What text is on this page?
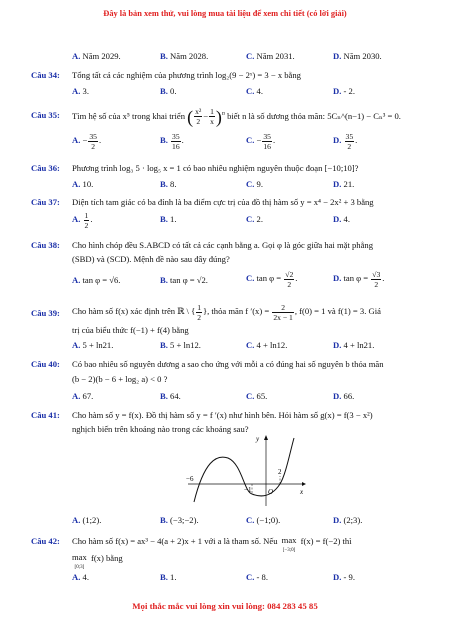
Đây là bản xem thử, vui lòng mua tài liệu để xem chi tiết (có lời giải)
A. Năm 2029.	B. Năm 2028.	C. Năm 2031.	D. Năm 2030.
Câu 34: Tổng tất cả các nghiệm của phương trình log₂(9 − 2ˣ) = 3 − x bằng
A. 3.	B. 0.	C. 4.	D. - 2.
Câu 35: Tìm hệ số của x⁵ trong khai triển ( $\frac{\text{x²}}{2} - \frac{1}{x} )^n$ biết n là số dương thỏa mãn: 5Cₙ^(n−1) − Cₙ³ = 0.
A. − $\frac{35}{2}$ .	B. $\frac{35}{16}$ .	C. − $\frac{35}{16}$ .	D. $\frac{35}{2}$ .
Câu 36: Phương trình log₃ 5 · log₅ x = 1 có bao nhiêu nghiệm nguyên thuộc đoạn [−10;10]?
A. 10.	B. 8.	C. 9.	D. 21.
Câu 37: Diện tích tam giác có ba đỉnh là ba điểm cực trị của đồ thị hàm số y = x⁴ − 2x² + 3 bằng
A. $\frac{1}{2}$ .	B. 1.	C. 2.	D. 4.
Câu 38: Cho hình chóp đều S.ABCD có tất cả các cạnh bằng a. Gọi φ là góc giữa hai mặt phẳng
(SBD) và (SCD). Mệnh đề nào sau đây đúng?
A. tan φ = √6.	B. tan φ = √2.	C. $\tan \varphi = \frac{√2}{2}$ .	D. $\tan \varphi = \frac{√3}{2}$ .
Câu 39: Cho hàm số f(x) xác định trên ℝ \ { $\frac{1}{2}$ }, thỏa mãn f $'(x) = \frac{2}{2x - 1}$ , f(0) = 1 và f(1) = 3. Giá
trị của biểu thức f(−1) + f(4) bằng
A. 5 + ln21.	B. 5 + ln12.	C. 4 + ln12.	D. 4 + ln21.
Câu 40: Có bao nhiêu số nguyên dương a sao cho ứng với mỗi a có đúng hai số nguyên b thỏa mãn
(b − 2)(b − 6 + log₂ a) < 0 ?
A. 67.	B. 64.	C. 65.	D. 66.
Câu 41: Cho hàm số y = f(x). Đồ thị hàm số y = f ′(x) như hình bên. Hỏi hàm số g(x) = f(3 − x²)
nghịch biến trên khoảng nào trong các khoảng sau?
y
x
−6
−1 O
2
A. (1;2).	B. (−3;−2).	C. (−1;0).	D. (2;3).
Câu 42: Cho hàm số f(x) = ax³ − 4(a + 2)x + 1 với a là tham số. Nếu max
[−3;0] f(x) = f(−2) thì
max
[0;3] f(x) bằng
A. 4.	B. 1.	C. - 8.	D. - 9.
Mọi thắc mắc vui lòng xin vui lòng: 084 283 45 85
